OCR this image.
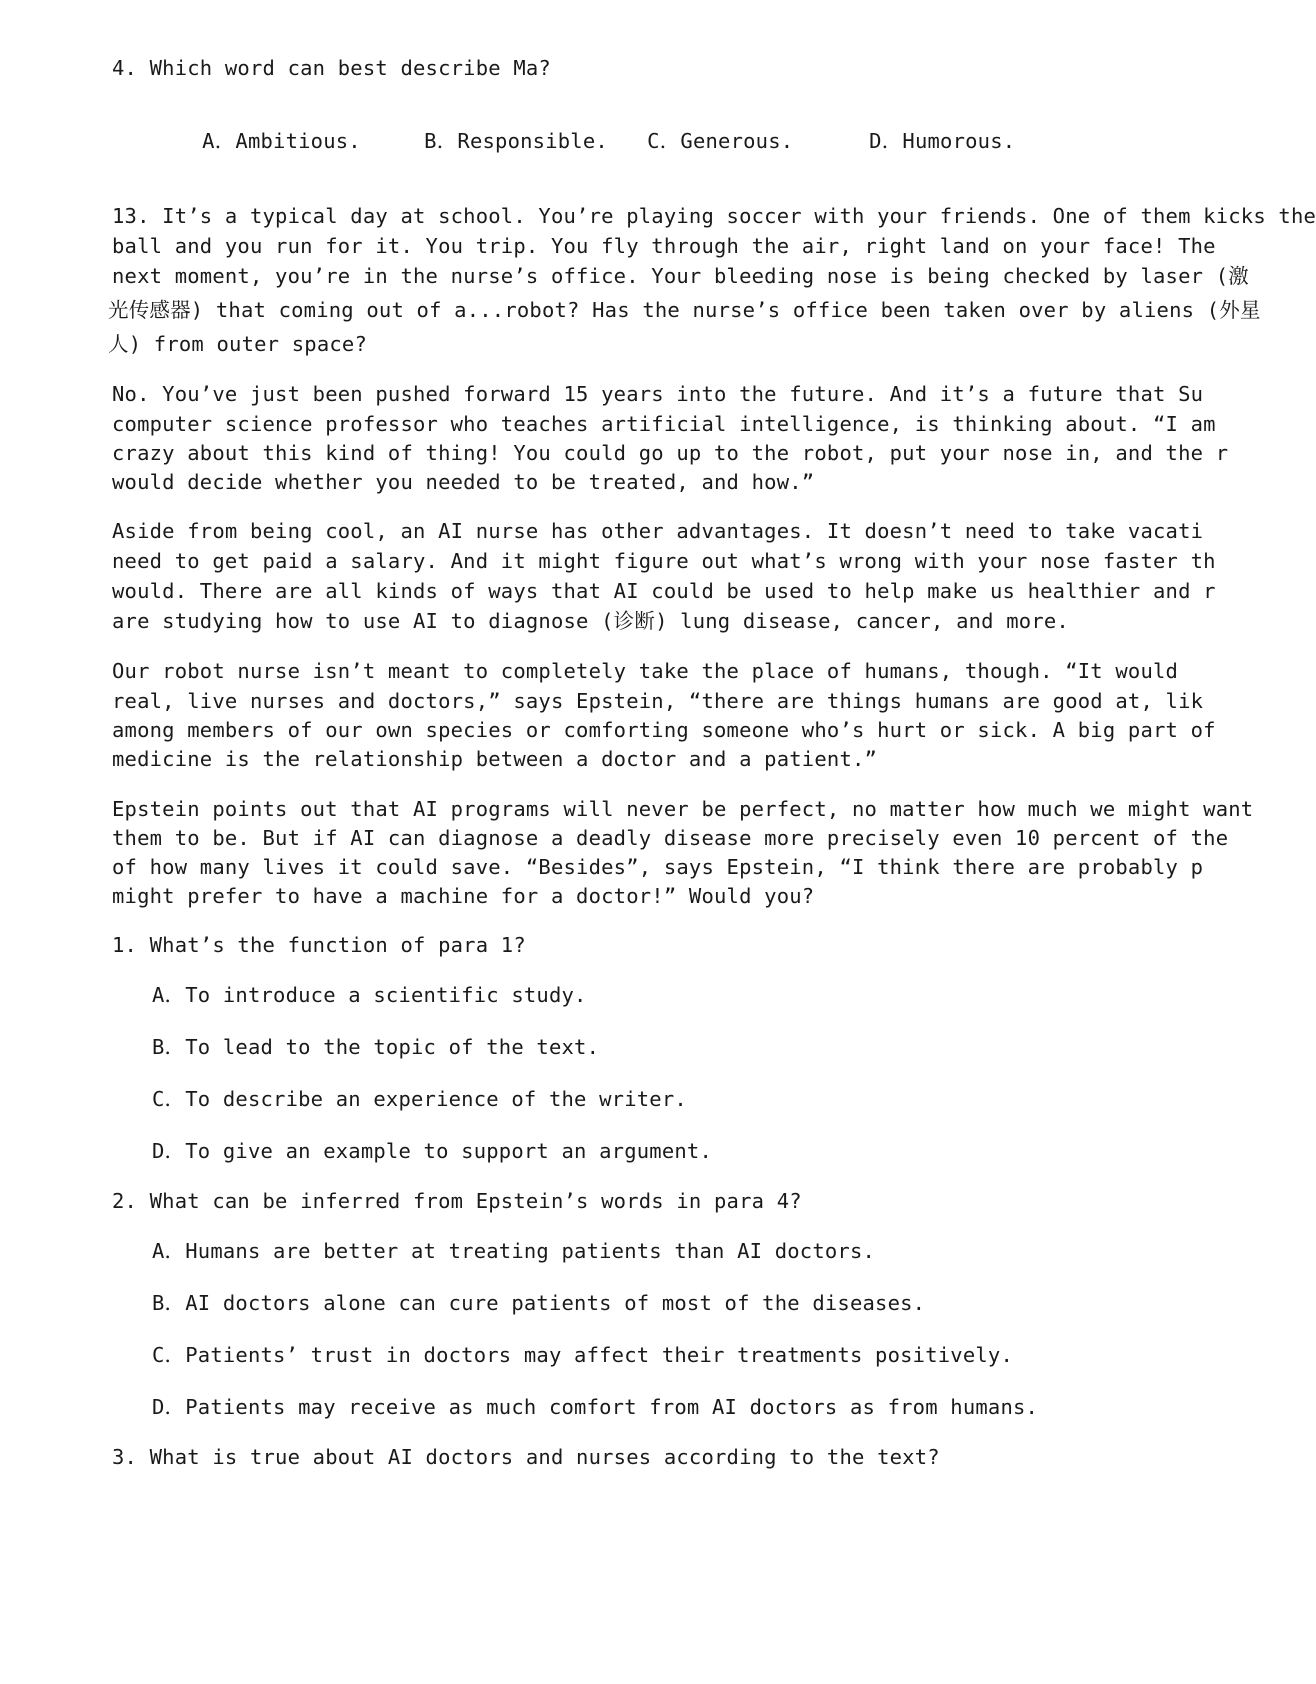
4. Which word can best describe Ma?

A．Ambitious.	B．Responsible. C．Generous.	D．Humorous.

13. It’s a typical day at school. You’re playing soccer with your friends. One of them kicks the
ball and you run for it. You trip. You fly through the air, right land on your face! The
next moment, you’re in the nurse’s office. Your bleeding nose is being checked by laser (激
光传感器) that coming out of a...robot? Has the nurse’s office been taken over by aliens (外星
人) from outer space?
No. You’ve just been pushed forward 15 years into the future. And it’s a future that Su
computer science professor who teaches artificial intelligence, is thinking about. “I am
crazy about this kind of thing! You could go up to the robot, put your nose in, and the r
would decide whether you needed to be treated, and how.”
Aside from being cool, an AI nurse has other advantages. It doesn’t need to take vacati
need to get paid a salary. And it might figure out what’s wrong with your nose faster th
would. There are all kinds of ways that AI could be used to help make us healthier and r
are studying how to use AI to diagnose (诊断) lung disease, cancer, and more.
Our robot nurse isn’t meant to completely take the place of humans, though. “It would
real, live nurses and doctors,” says Epstein, “there are things humans are good at, lik
among members of our own species or comforting someone who’s hurt or sick. A big part of
medicine is the relationship between a doctor and a patient.”
Epstein points out that AI programs will never be perfect, no matter how much we might want
them to be. But if AI can diagnose a deadly disease more precisely even 10 percent of the
of how many lives it could save. “Besides”, says Epstein, “I think there are probably p
might prefer to have a machine for a doctor!” Would you?
1. What’s the function of para 1?
A．To introduce a scientific study.
B．To lead to the topic of the text.
C．To describe an experience of the writer.
D．To give an example to support an argument.
2. What can be inferred from Epstein’s words in para 4?
A．Humans are better at treating patients than AI doctors.
B．AI doctors alone can cure patients of most of the diseases.
C．Patients’ trust in doctors may affect their treatments positively.
D．Patients may receive as much comfort from AI doctors as from humans.
3. What is true about AI doctors and nurses according to the text?
